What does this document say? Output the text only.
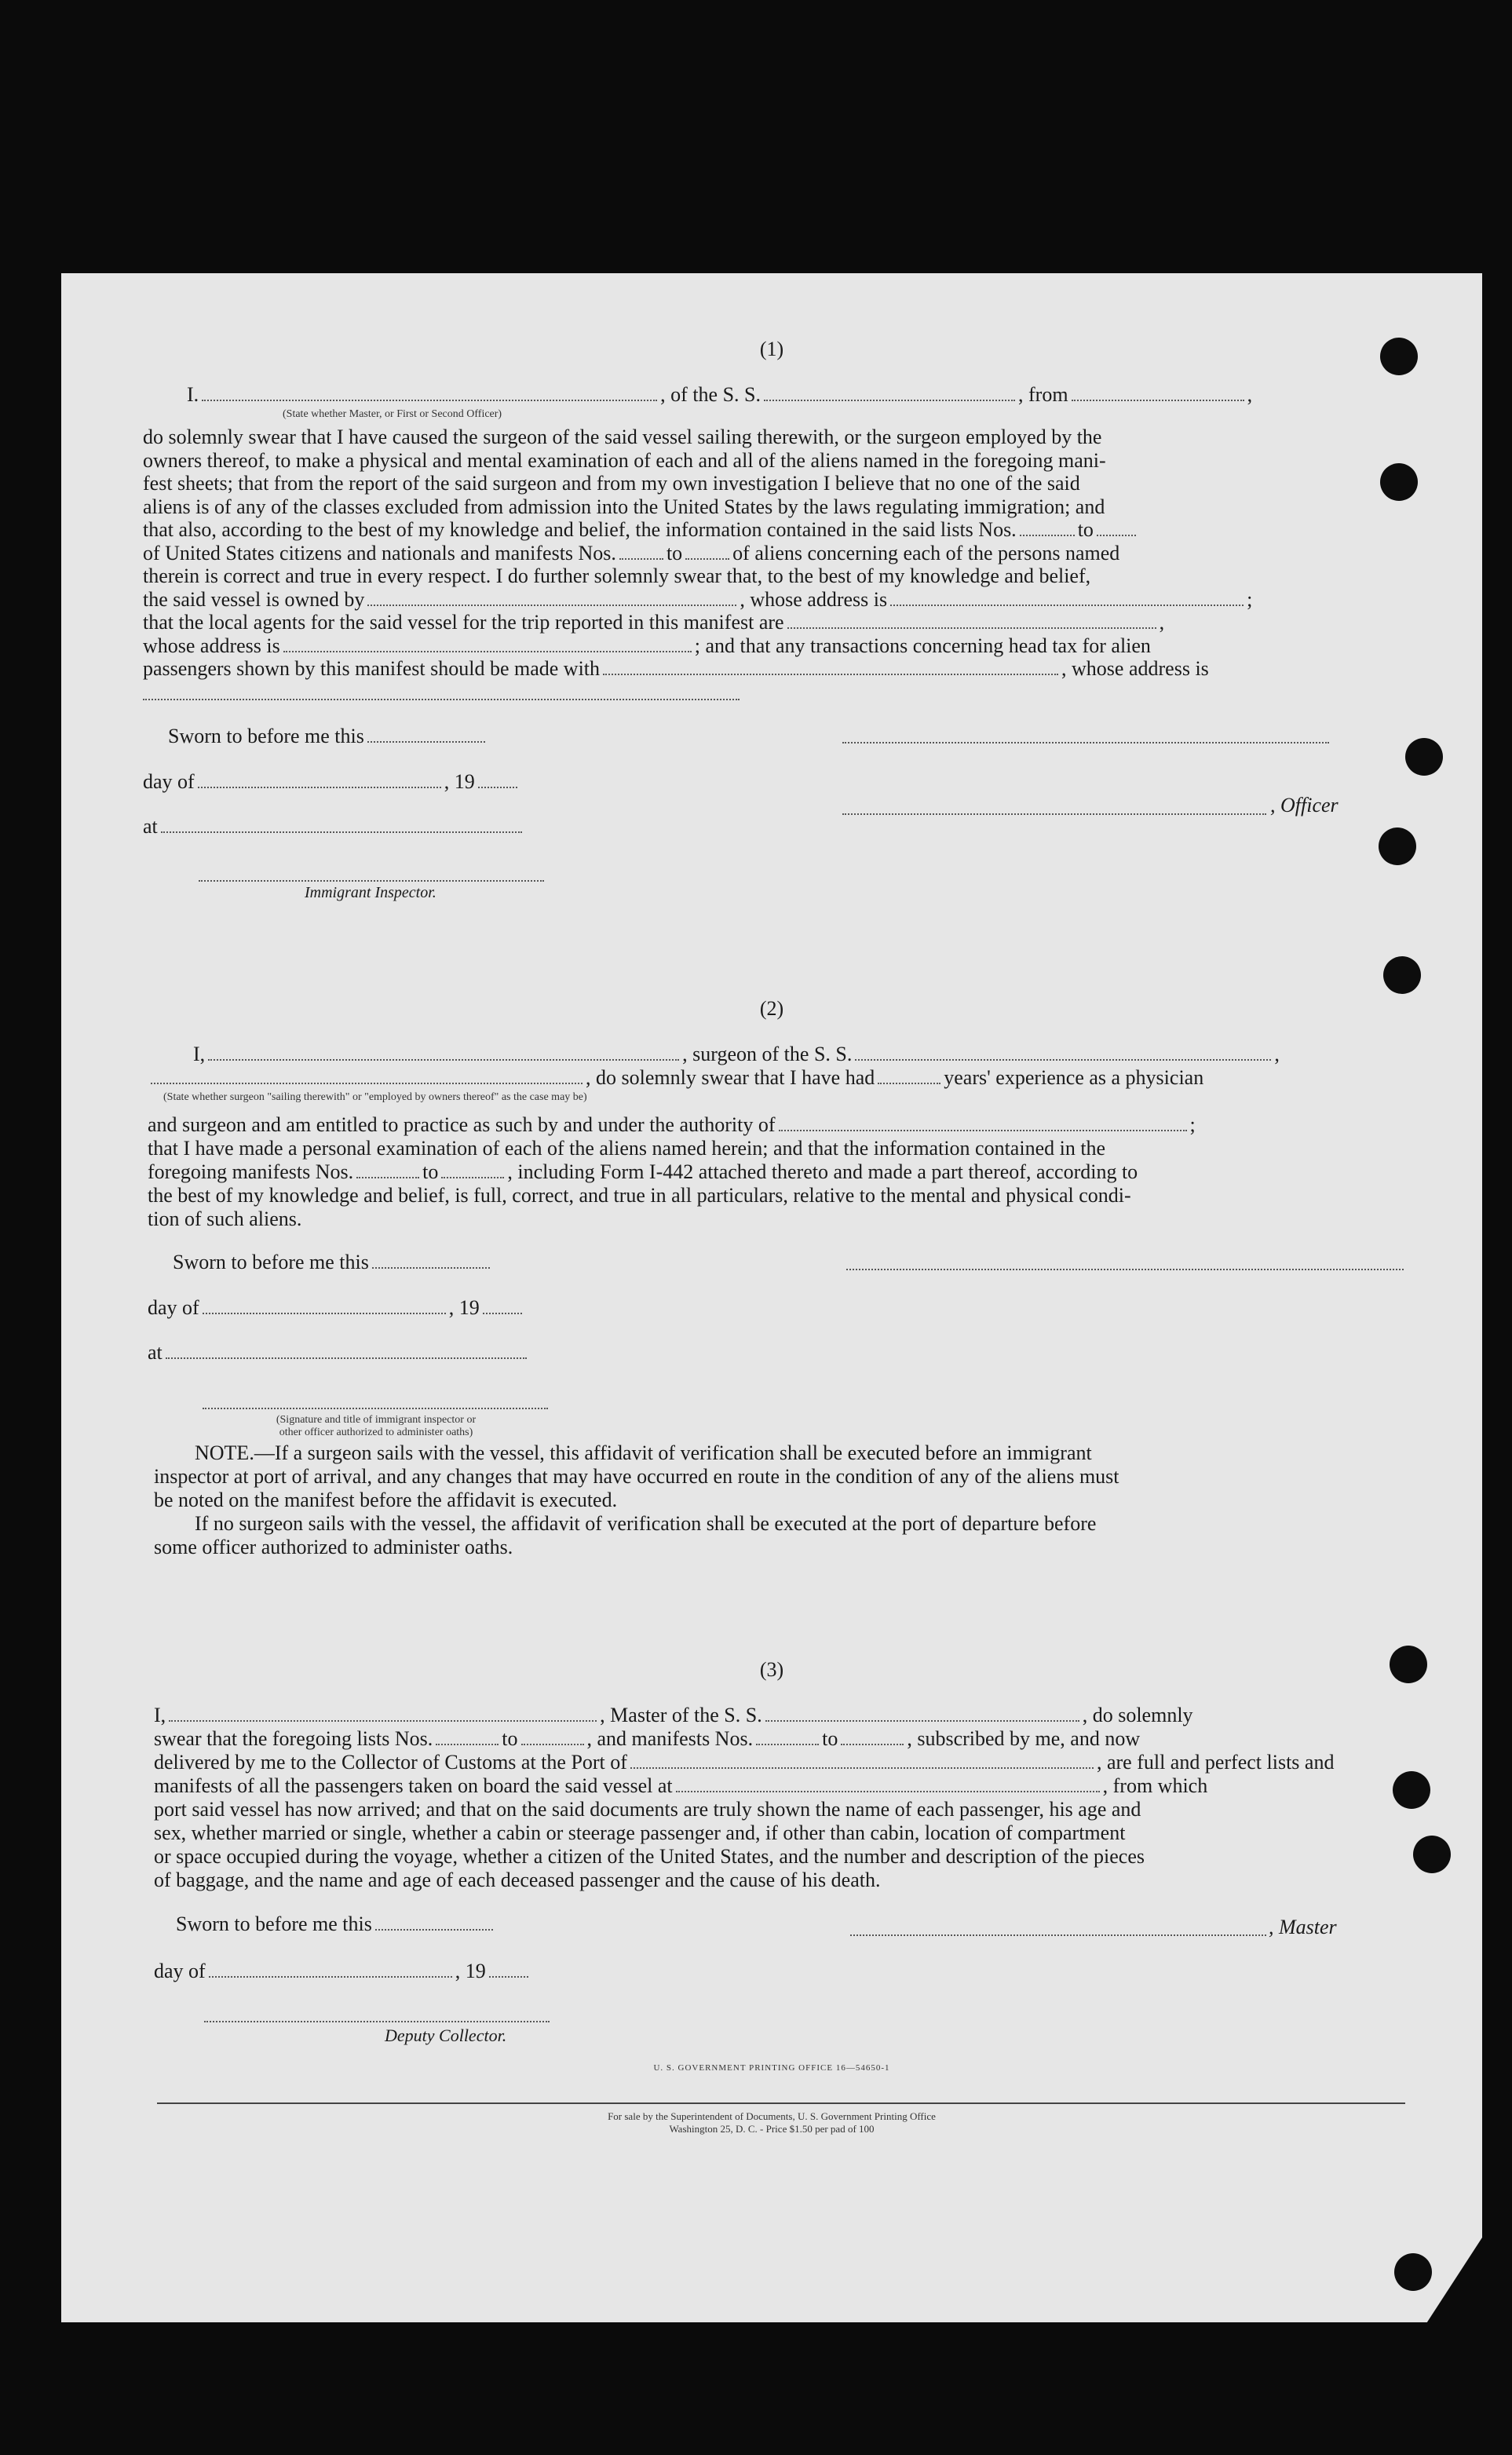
(1)
I.	, of the S. S.	, from	,
(State whether Master, or First or Second Officer)

do solemnly swear that I have caused the surgeon of the said vessel sailing therewith, or the surgeon employed by the

owners thereof, to make a physical and mental examination of each and all of the aliens named in the foregoing mani-

fest sheets; that from the report of the said surgeon and from my own investigation I believe that no one of the said

aliens is of any of the classes excluded from admission into the United States by the laws regulating immigration; and

that also, according to the best of my knowledge and belief, the information contained in the said lists Nos.	to

of United States citizens and nationals and manifests Nos. to of aliens concerning each of the persons named

therein is correct and true in every respect. I do further solemnly swear that, to the best of my knowledge and belief,

the said vessel is owned by	, whose address is	;

that the local agents for the said vessel for the trip reported in this manifest are	,

whose address is	; and that any transactions concerning head tax for alien

passengers shown by this manifest should be made with	, whose address is

Sworn to before me this
day of	, 19
at
Immigrant Inspector.
, Officer
(2)
I,	, surgeon of the S. S.	,
, do solemnly swear that I have had	years' experience as a physician
(State whether surgeon "sailing therewith" or "employed by owners thereof" as the case may be)
and surgeon and am entitled to practice as such by and under the authority of	;
that I have made a personal examination of each of the aliens named herein; and that the information contained in the
foregoing manifests Nos.	to	, including Form I-442 attached thereto and made a part thereof, according to
the best of my knowledge and belief, is full, correct, and true in all particulars, relative to the mental and physical condi-
tion of such aliens.
Sworn to before me this
day of	, 19
at
(Signature and title of immigrant inspector or
other officer authorized to administer oaths)
NOTE.—If a surgeon sails with the vessel, this affidavit of verification shall be executed before an immigrant
inspector at port of arrival, and any changes that may have occurred en route in the condition of any of the aliens must
be noted on the manifest before the affidavit is executed.
If no surgeon sails with the vessel, the affidavit of verification shall be executed at the port of departure before
some officer authorized to administer oaths.
(3)
I,	, Master of the S. S.	, do solemnly
swear that the foregoing lists Nos.	to	, and manifests Nos.	to	, subscribed by me, and now
delivered by me to the Collector of Customs at the Port of	, are full and perfect lists and
manifests of all the passengers taken on board the said vessel at	, from which
port said vessel has now arrived; and that on the said documents are truly shown the name of each passenger, his age and
sex, whether married or single, whether a cabin or steerage passenger and, if other than cabin, location of compartment
or space occupied during the voyage, whether a citizen of the United States, and the number and description of the pieces
of baggage, and the name and age of each deceased passenger and the cause of his death.
Sworn to before me this	, Master
day of	, 19
Deputy Collector.
U. S. GOVERNMENT PRINTING OFFICE 16—54650-1
For sale by the Superintendent of Documents, U. S. Government Printing Office
Washington 25, D. C. - Price $1.50 per pad of 100
